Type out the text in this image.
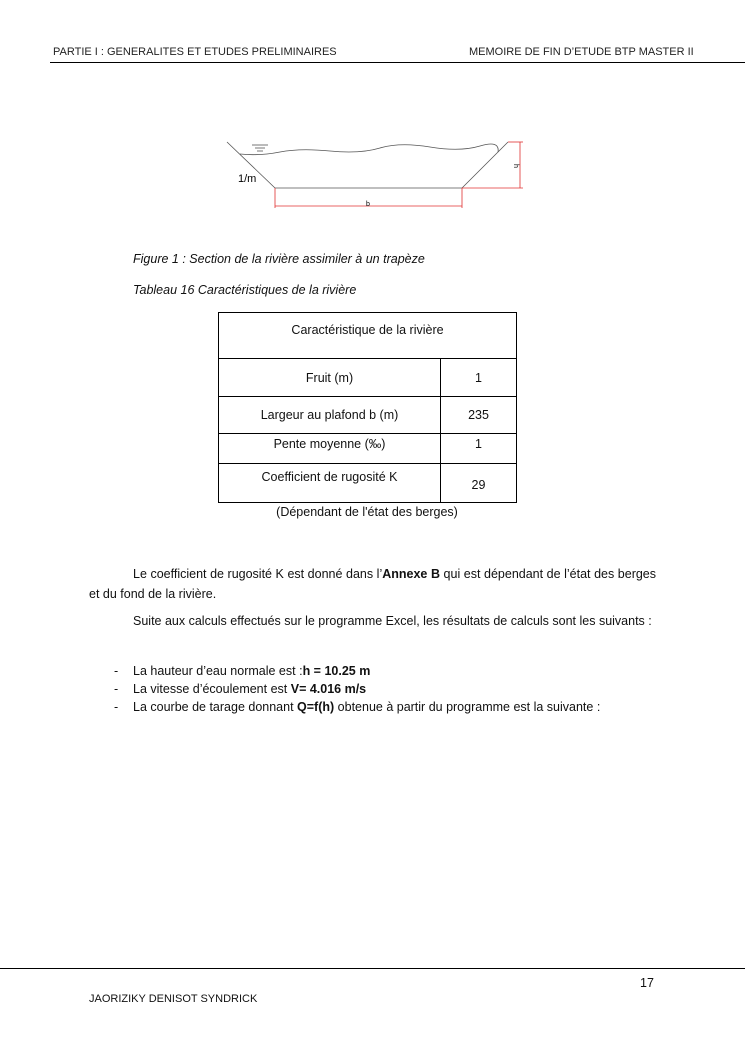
PARTIE I : GENERALITES ET ETUDES PRELIMINAIRES	MEMOIRE DE FIN D’ETUDE BTP MASTER II
1/m
b
h
Figure 1 : Section de la rivière assimiler à un trapèze
Tableau 16 Caractéristiques de la rivière
Caractéristique de la rivière	
Fruit (m)	1
Largeur au plafond b (m)	235
Pente moyenne (‰)	1
Coefficient de rugosité K	29
(Dépendant de l'état des berges)
Le coefficient de rugosité K est donné dans l’Annexe B qui est dépendant de l’état des berges et du fond de la rivière.
Suite aux calculs effectués sur le programme Excel, les résultats de calculs sont les suivants :
- La hauteur d’eau normale est :h = 10.25 m
- La vitesse d’écoulement est V= 4.016 m/s
- La courbe de tarage donnant Q=f(h) obtenue à partir du programme est la suivante :
17
JAORIZIKY DENISOT SYNDRICK
